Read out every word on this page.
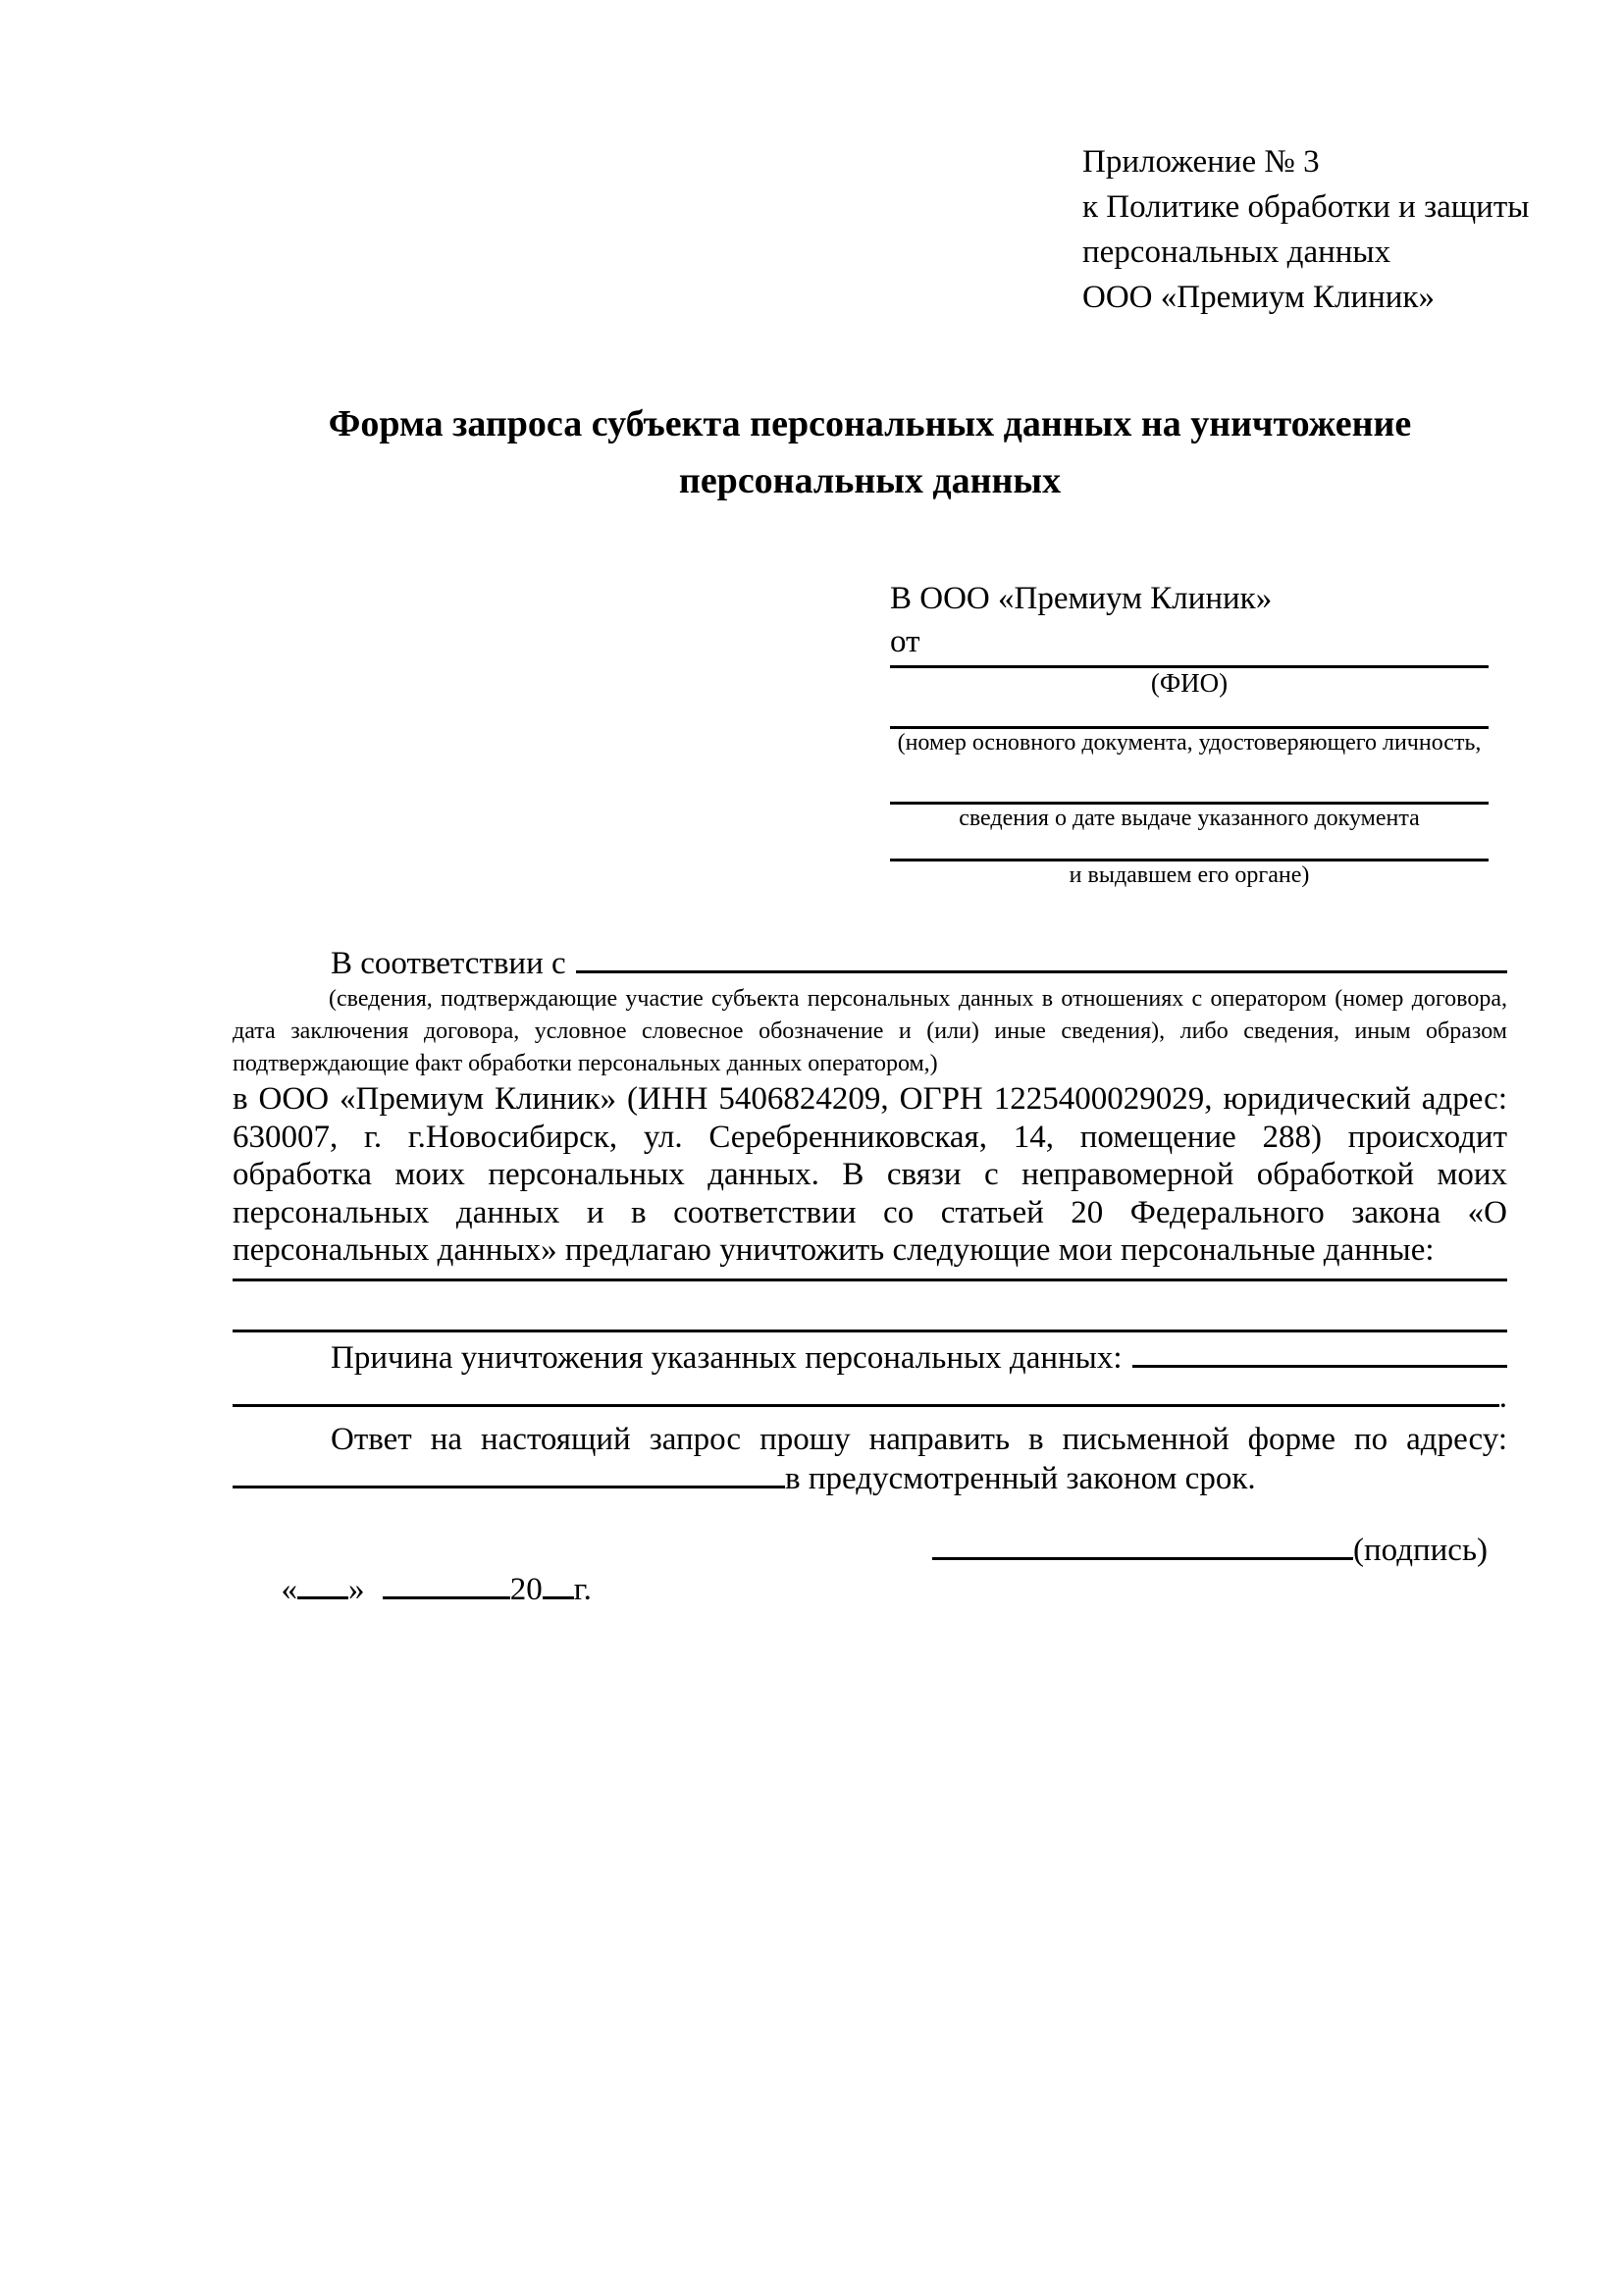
Приложение № 3
к Политике обработки и защиты
персональных данных
ООО «Премиум Клиник»
Форма запроса субъекта персональных данных на уничтожение персональных данных
В ООО «Премиум Клиник»
от
(ФИО)
(номер основного документа, удостоверяющего личность,
сведения о дате выдаче указанного документа
и выдавшем его органе)
В соответствии с
(сведения, подтверждающие участие субъекта персональных данных в отношениях с оператором (номер договора, дата заключения договора, условное словесное обозначение и (или) иные сведения), либо сведения, иным образом подтверждающие факт обработки персональных данных оператором,)
в ООО «Премиум Клиник» (ИНН 5406824209, ОГРН 1225400029029, юридический адрес: 630007, г. г.Новосибирск, ул. Серебренниковская, 14, помещение 288) происходит обработка моих персональных данных. В связи с неправомерной обработкой моих персональных данных и в соответствии со статьей 20 Федерального закона «О персональных данных» предлагаю уничтожить следующие мои персональные данные:
Причина уничтожения указанных персональных данных:
.
Ответ на настоящий запрос прошу направить в письменной форме по адресу:
в предусмотренный законом срок.

« »	20 г.

(подпись)
